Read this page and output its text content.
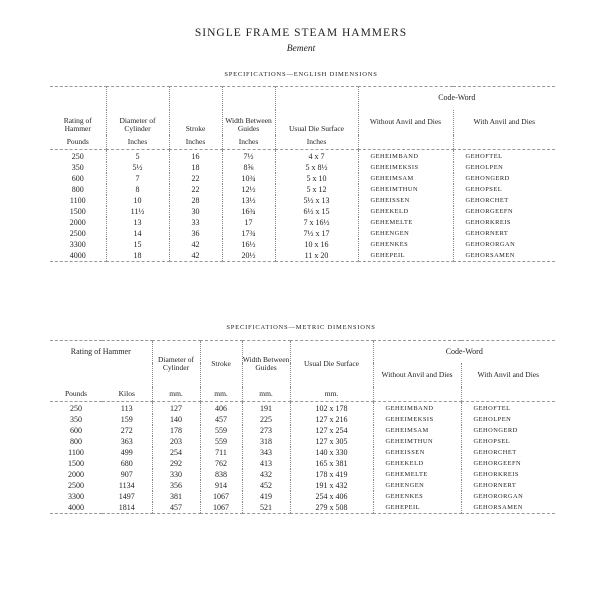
SINGLE FRAME STEAM HAMMERS
Bement
SPECIFICATIONS—ENGLISH DIMENSIONS
Rating of Hammer	Diameter of Cylinder	Stroke	Width Between Guides	Usual Die Surface	Code-Word	
					Without Anvil and Dies	With Anvil and Dies
Pounds	Inches	Inches	Inches	Inches		
250	5	16	7½	4 x 7	GEHEIMBAND	GEHOFTEL
350	5½	18	8⅝	5 x 8½	GEHEIMEKSIS	GEHOLPEN
600	7	22	10¾	5 x 10	GEHEIMSAM	GEHONGERD
800	8	22	12½	5 x 12	GEHEIMTHUN	GEHOPSEL
1100	10	28	13½	5½ x 13	GEHEISSEN	GEHORCHET
1500	11½	30	16¾	6½ x 15	GEHEKELD	GEHORGEEFN
2000	13	33	17	7 x 16½	GEHEMELTE	GEHORKREIS
2500	14	36	17¾	7½ x 17	GEHENGEN	GEHORNERT
3300	15	42	16½	10 x 16	GEHENKES	GEHORORGAN
4000	18	42	20½	11 x 20	GEHEPEIL	GEHORSAMEN
SPECIFICATIONS—METRIC DIMENSIONS
Rating of Hammer		Diameter of Cylinder	Stroke	Width Between Guides	Usual Die Surface	Code-Word	
						Without Anvil and Dies	With Anvil and Dies
Pounds	Kilos	mm.	mm.	mm.	mm.		
250	113	127	406	191	102 x 178	GEHEIMBAND	GEHOFTEL
350	159	140	457	225	127 x 216	GEHEIMEKSIS	GEHOLPEN
600	272	178	559	273	127 x 254	GEHEIMSAM	GEHONGERD
800	363	203	559	318	127 x 305	GEHEIMTHUN	GEHOPSEL
1100	499	254	711	343	140 x 330	GEHEISSEN	GEHORCHET
1500	680	292	762	413	165 x 381	GEHEKELD	GEHORGEEFN
2000	907	330	838	432	178 x 419	GEHEMELTE	GEHORKREIS
2500	1134	356	914	452	191 x 432	GEHENGEN	GEHORNERT
3300	1497	381	1067	419	254 x 406	GEHENKES	GEHORORGAN
4000	1814	457	1067	521	279 x 508	GEHEPEIL	GEHORSAMEN
